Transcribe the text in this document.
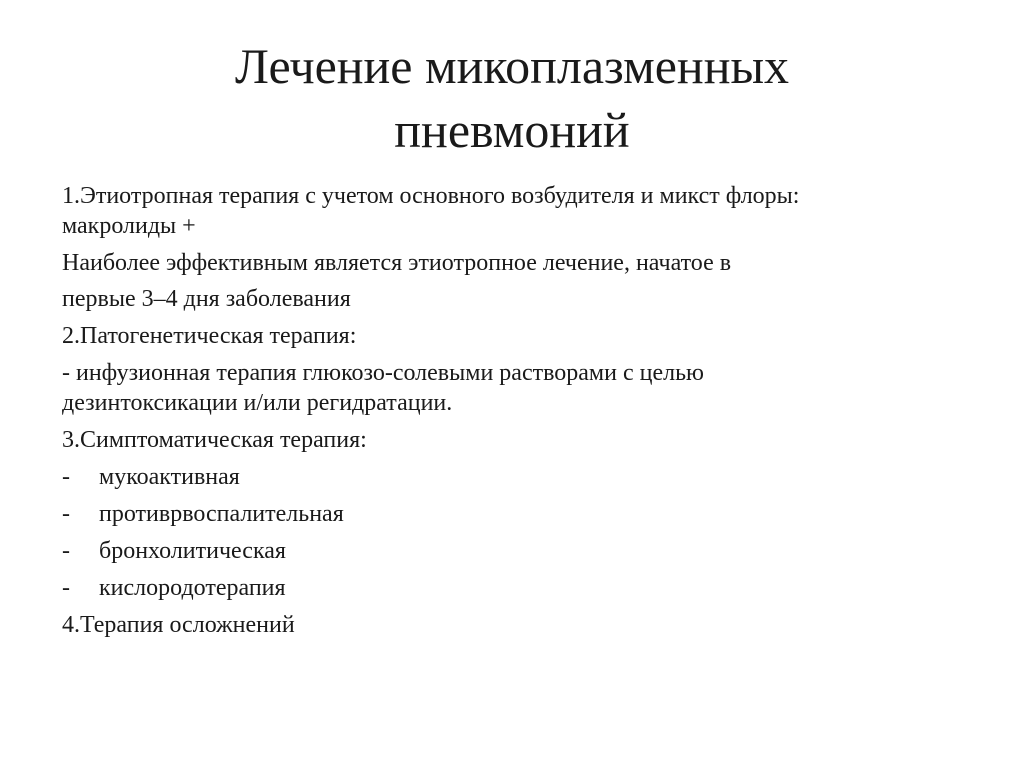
Лечение микоплазменных
пневмоний
1.Этиотропная терапия с учетом основного возбудителя и микст флоры:
макролиды +
Наиболее эффективным является этиотропное лечение, начатое в
первые 3–4 дня заболевания
2.Патогенетическая терапия:
- инфузионная терапия глюкозо-солевыми растворами с целью
дезинтоксикации и/или регидратации.
3.Симптоматическая терапия:
-	мукоактивная
-	противрвоспалительная
-	бронхолитическая
-	кислородотерапия
4.Терапия осложнений
